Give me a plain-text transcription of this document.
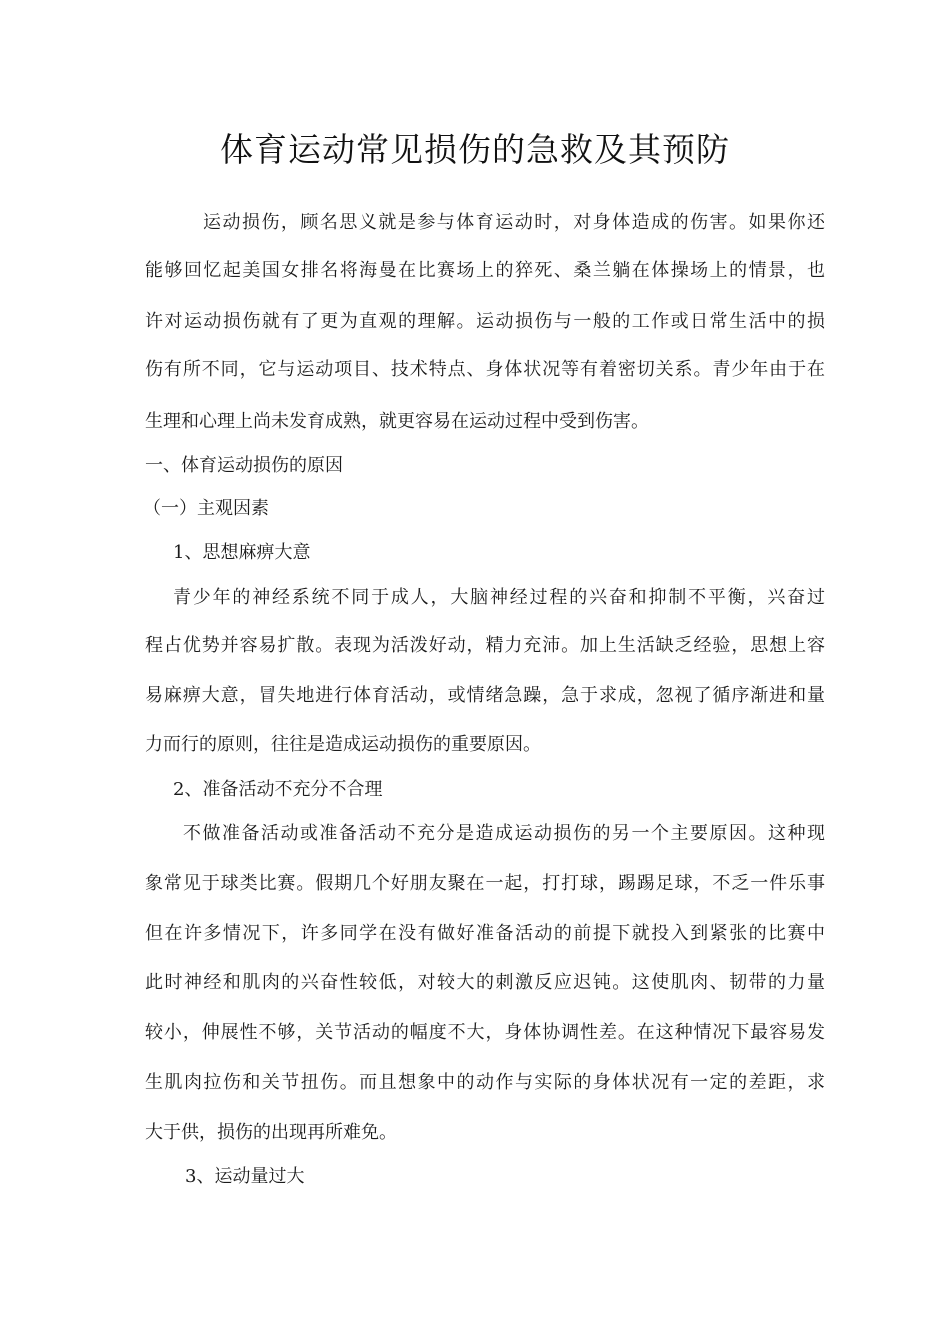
体育运动常见损伤的急救及其预防
运动损伤，顾名思义就是参与体育运动时，对身体造成的伤害。如果你还
能够回忆起美国女排名将海曼在比赛场上的猝死、桑兰躺在体操场上的情景，也
许对运动损伤就有了更为直观的理解。运动损伤与一般的工作或日常生活中的损
伤有所不同，它与运动项目、技术特点、身体状况等有着密切关系。青少年由于在
生理和心理上尚未发育成熟，就更容易在运动过程中受到伤害。
一、体育运动损伤的原因
（一）主观因素
1、思想麻痹大意
青少年的神经系统不同于成人，大脑神经过程的兴奋和抑制不平衡，兴奋过
程占优势并容易扩散。表现为活泼好动，精力充沛。加上生活缺乏经验，思想上容
易麻痹大意，冒失地进行体育活动，或情绪急躁，急于求成，忽视了循序渐进和量
力而行的原则，往往是造成运动损伤的重要原因。
2、准备活动不充分不合理
不做准备活动或准备活动不充分是造成运动损伤的另一个主要原因。这种现
象常见于球类比赛。假期几个好朋友聚在一起，打打球，踢踢足球，不乏一件乐事
但在许多情况下，许多同学在没有做好准备活动的前提下就投入到紧张的比赛中
此时神经和肌肉的兴奋性较低，对较大的刺激反应迟钝。这使肌肉、韧带的力量
较小，伸展性不够，关节活动的幅度不大，身体协调性差。在这种情况下最容易发
生肌肉拉伤和关节扭伤。而且想象中的动作与实际的身体状况有一定的差距，求
大于供，损伤的出现再所难免。
3、运动量过大
